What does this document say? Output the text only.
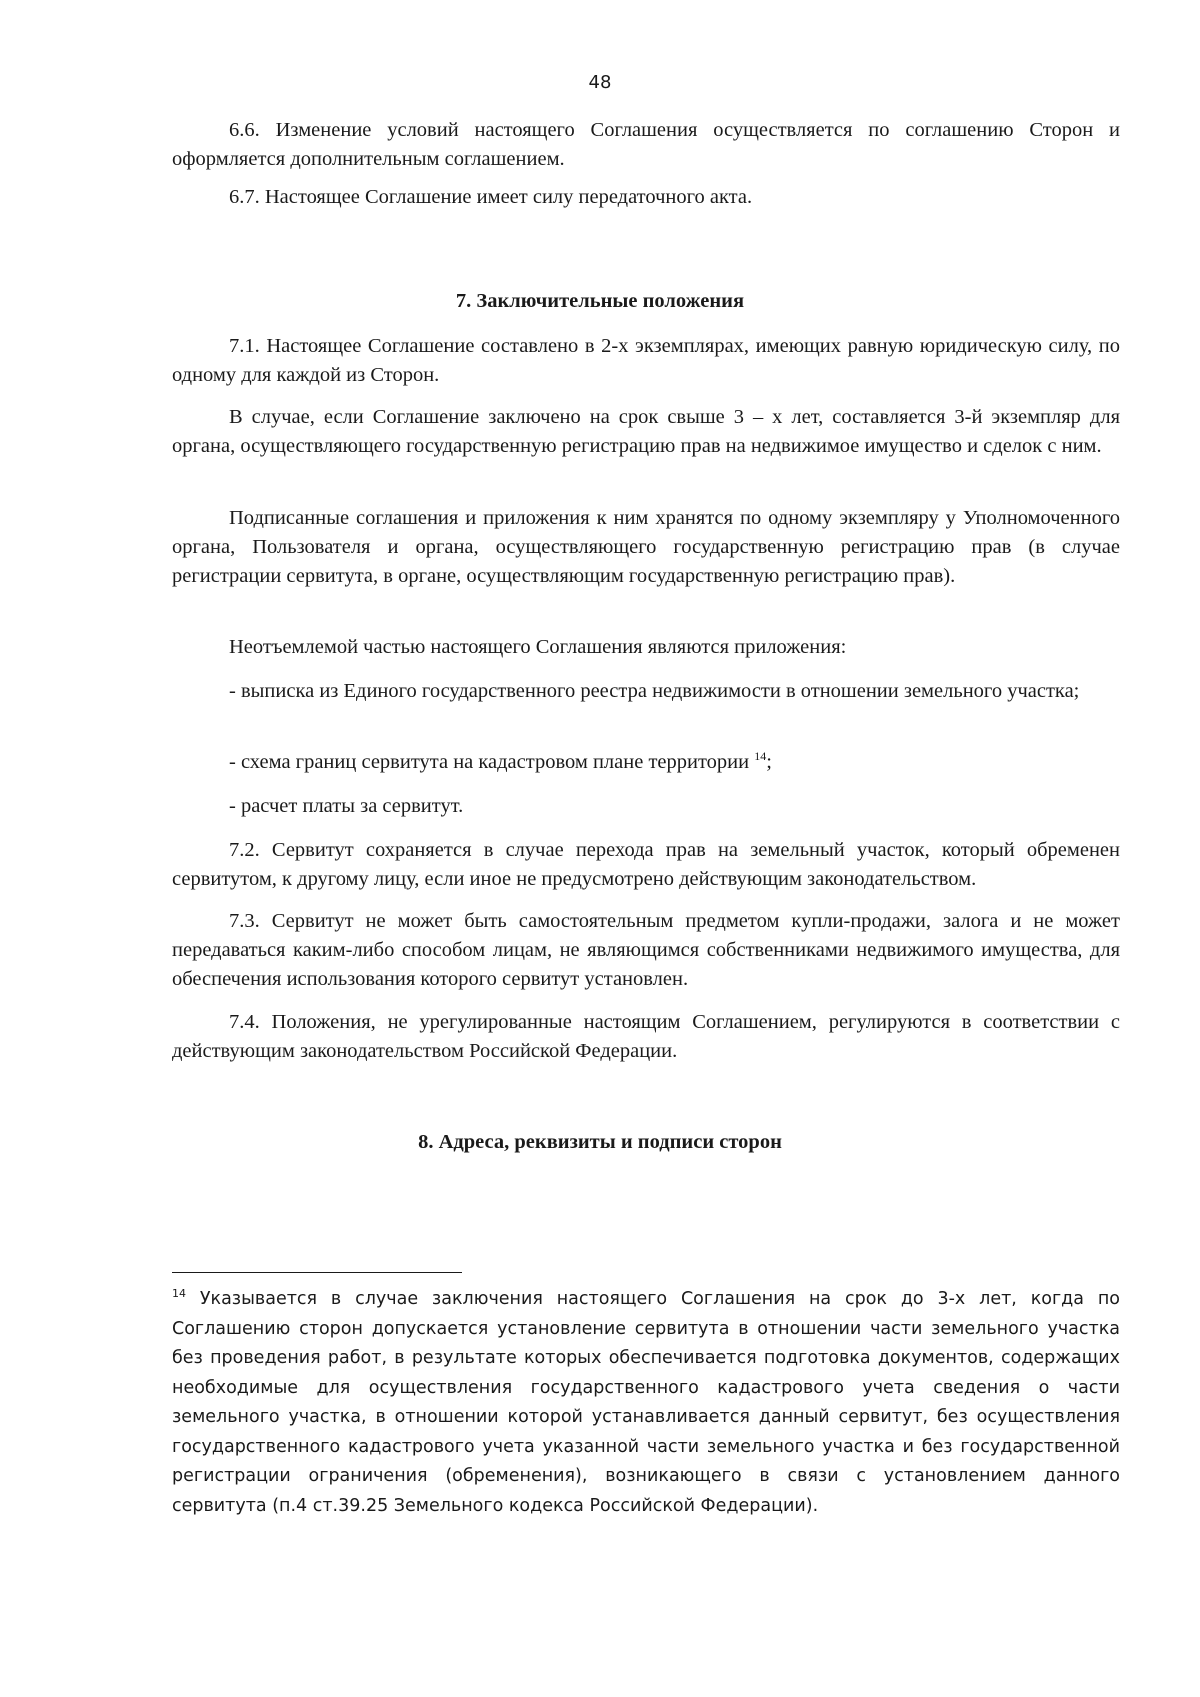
48

6.6. Изменение условий настоящего Соглашения осуществляется по соглашению Сторон и оформляется дополнительным соглашением.

6.7. Настоящее Соглашение имеет силу передаточного акта.

7. Заключительные положения

7.1. Настоящее Соглашение составлено в 2-х экземплярах, имеющих равную юридическую силу, по одному для каждой из Сторон.

В случае, если Соглашение заключено на срок свыше 3 – х лет, составляется 3-й экземпляр для органа, осуществляющего государственную регистрацию прав на недвижимое имущество и сделок с ним.

Подписанные соглашения и приложения к ним хранятся по одному экземпляру у Уполномоченного органа, Пользователя и органа, осуществляющего государственную регистрацию прав (в случае регистрации сервитута, в органе, осуществляющим государственную регистрацию прав).

Неотъемлемой частью настоящего Соглашения являются приложения:

- выписка из Единого государственного реестра недвижимости в отношении земельного участка;

- схема границ сервитута на кадастровом плане территории $^{14}$;

- расчет платы за сервитут.

7.2. Сервитут сохраняется в случае перехода прав на земельный участок, который обременен сервитутом, к другому лицу, если иное не предусмотрено действующим законодательством.

7.3. Сервитут не может быть самостоятельным предметом купли-продажи, залога и не может передаваться каким-либо способом лицам, не являющимся собственниками недвижимого имущества, для обеспечения использования которого сервитут установлен.

7.4. Положения, не урегулированные настоящим Соглашением, регулируются в соответствии с действующим законодательством Российской Федерации.

8. Адреса, реквизиты и подписи сторон

$^{14}$ Указывается в случае заключения настоящего Соглашения на срок до 3-х лет, когда по Соглашению сторон допускается установление сервитута в отношении части земельного участка без проведения работ, в результате которых обеспечивается подготовка документов, содержащих необходимые для осуществления государственного кадастрового учета сведения о части земельного участка, в отношении которой устанавливается данный сервитут, без осуществления государственного кадастрового учета указанной части земельного участка и без государственной регистрации ограничения (обременения), возникающего в связи с установлением данного сервитута (п.4 ст.39.25 Земельного кодекса Российской Федерации).
